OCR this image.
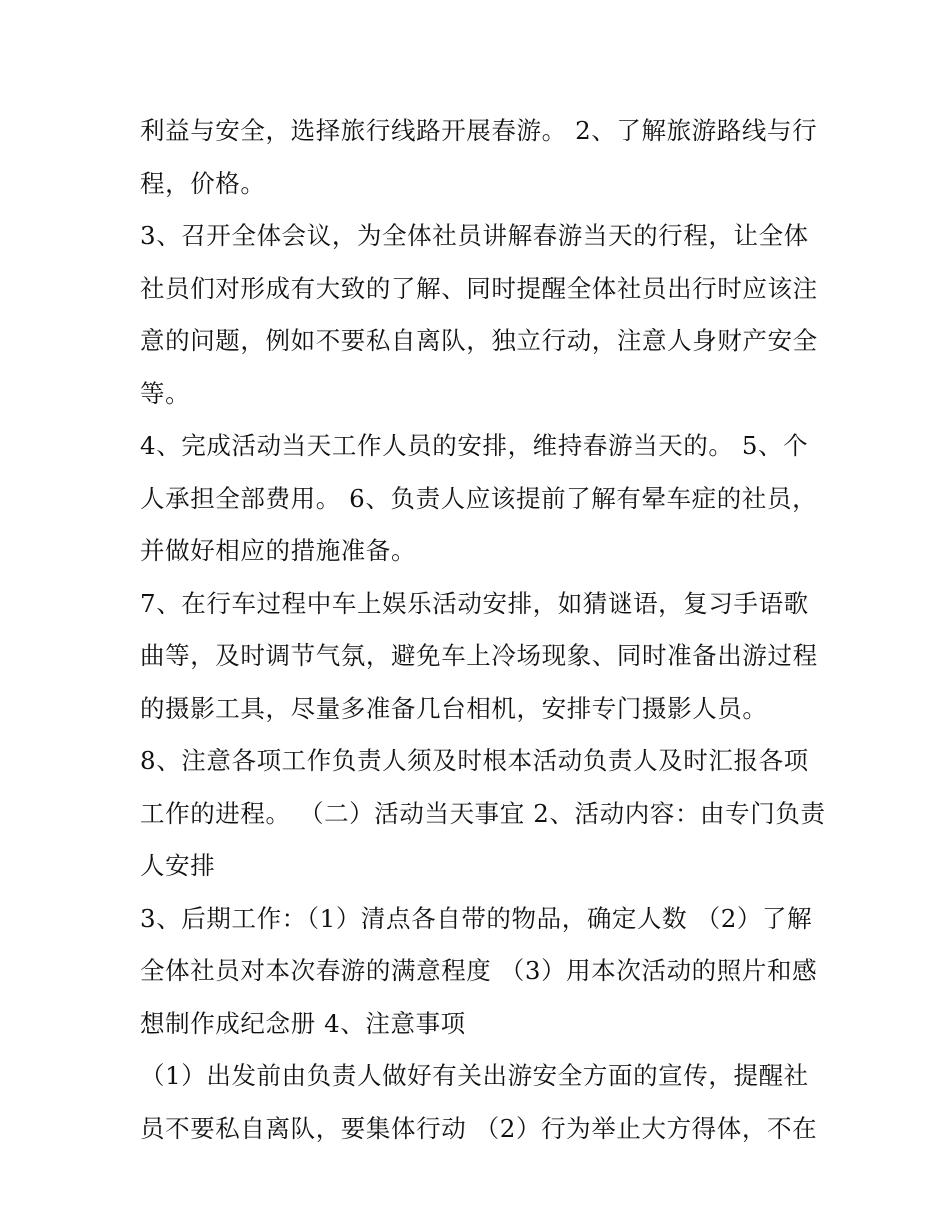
利益与安全，选择旅行线路开展春游。 2、了解旅游路线与行
程，价格。
3、召开全体会议，为全体社员讲解春游当天的行程，让全体
社员们对形成有大致的了解、同时提醒全体社员出行时应该注
意的问题，例如不要私自离队，独立行动，注意人身财产安全
等。
4、完成活动当天工作人员的安排，维持春游当天的。 5、个
人承担全部费用。 6、负责人应该提前了解有晕车症的社员，
并做好相应的措施准备。
7、在行车过程中车上娱乐活动安排，如猜谜语，复习手语歌
曲等，及时调节气氛，避免车上冷场现象、同时准备出游过程
的摄影工具，尽量多准备几台相机，安排专门摄影人员。
8、注意各项工作负责人须及时根本活动负责人及时汇报各项
工作的进程。 （二）活动当天事宜 2、活动内容：由专门负责
人安排
3、后期工作：（1）清点各自带的物品，确定人数 （2）了解
全体社员对本次春游的满意程度 （3）用本次活动的照片和感
想制作成纪念册 4、注意事项
（1）出发前由负责人做好有关出游安全方面的宣传，提醒社
员不要私自离队，要集体行动 （2）行为举止大方得体，不在
